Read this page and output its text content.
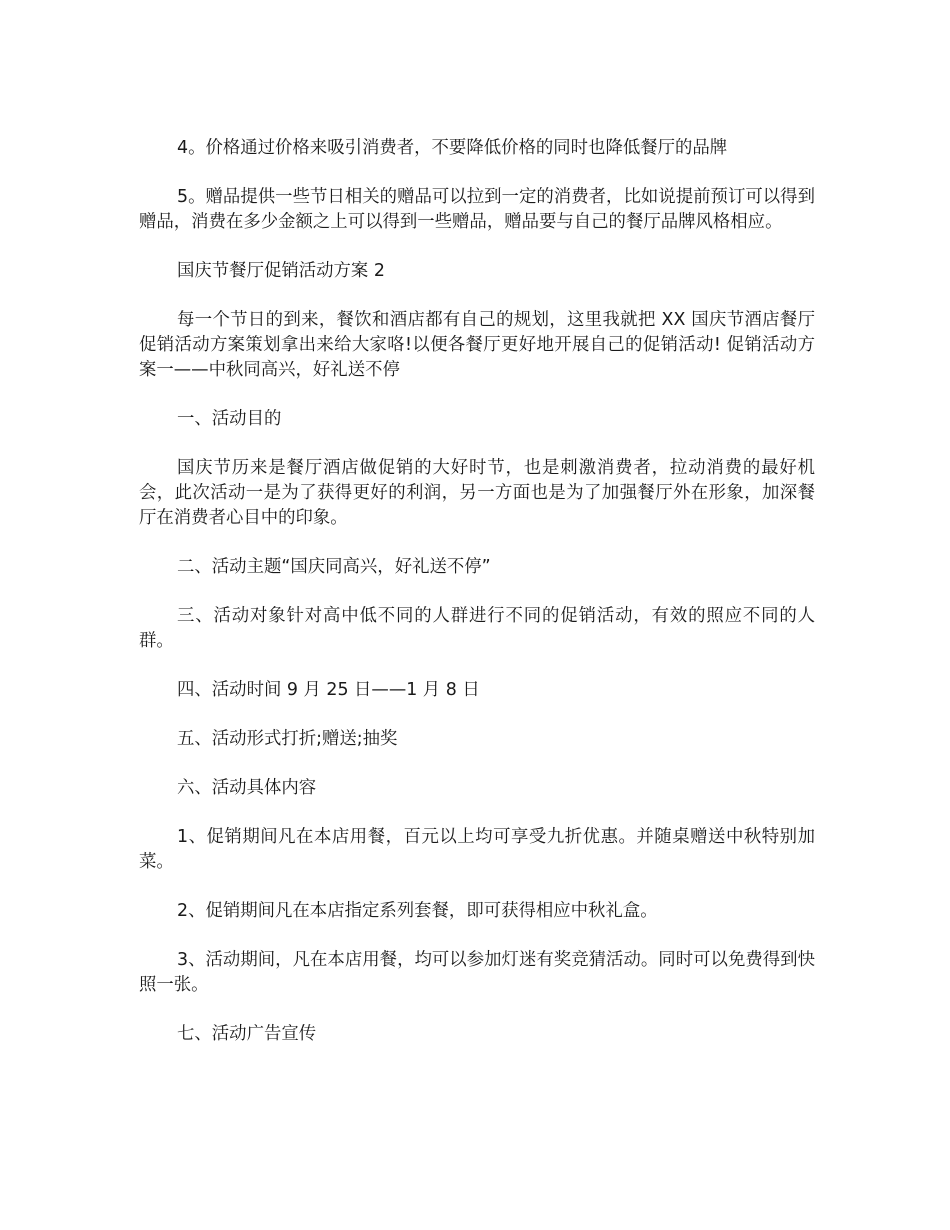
4。价格通过价格来吸引消费者，不要降低价格的同时也降低餐厅的品牌

5。赠品提供一些节日相关的赠品可以拉到一定的消费者，比如说提前预订可以得到赠品，消费在多少金额之上可以得到一些赠品，赠品要与自己的餐厅品牌风格相应。

国庆节餐厅促销活动方案 2

每一个节日的到来，餐饮和酒店都有自己的规划，这里我就把 XX 国庆节酒店餐厅促销活动方案策划拿出来给大家咯!以便各餐厅更好地开展自己的促销活动! 促销活动方案一——中秋同高兴，好礼送不停

一、活动目的

国庆节历来是餐厅酒店做促销的大好时节，也是刺激消费者，拉动消费的最好机会，此次活动一是为了获得更好的利润，另一方面也是为了加强餐厅外在形象，加深餐厅在消费者心目中的印象。

二、活动主题“国庆同高兴，好礼送不停”

三、活动对象针对高中低不同的人群进行不同的促销活动，有效的照应不同的人群。

四、活动时间 9 月 25 日——1 月 8 日

五、活动形式打折;赠送;抽奖

六、活动具体内容

1、促销期间凡在本店用餐，百元以上均可享受九折优惠。并随桌赠送中秋特别加菜。

2、促销期间凡在本店指定系列套餐，即可获得相应中秋礼盒。

3、活动期间，凡在本店用餐，均可以参加灯迷有奖竞猜活动。同时可以免费得到快照一张。

七、活动广告宣传
